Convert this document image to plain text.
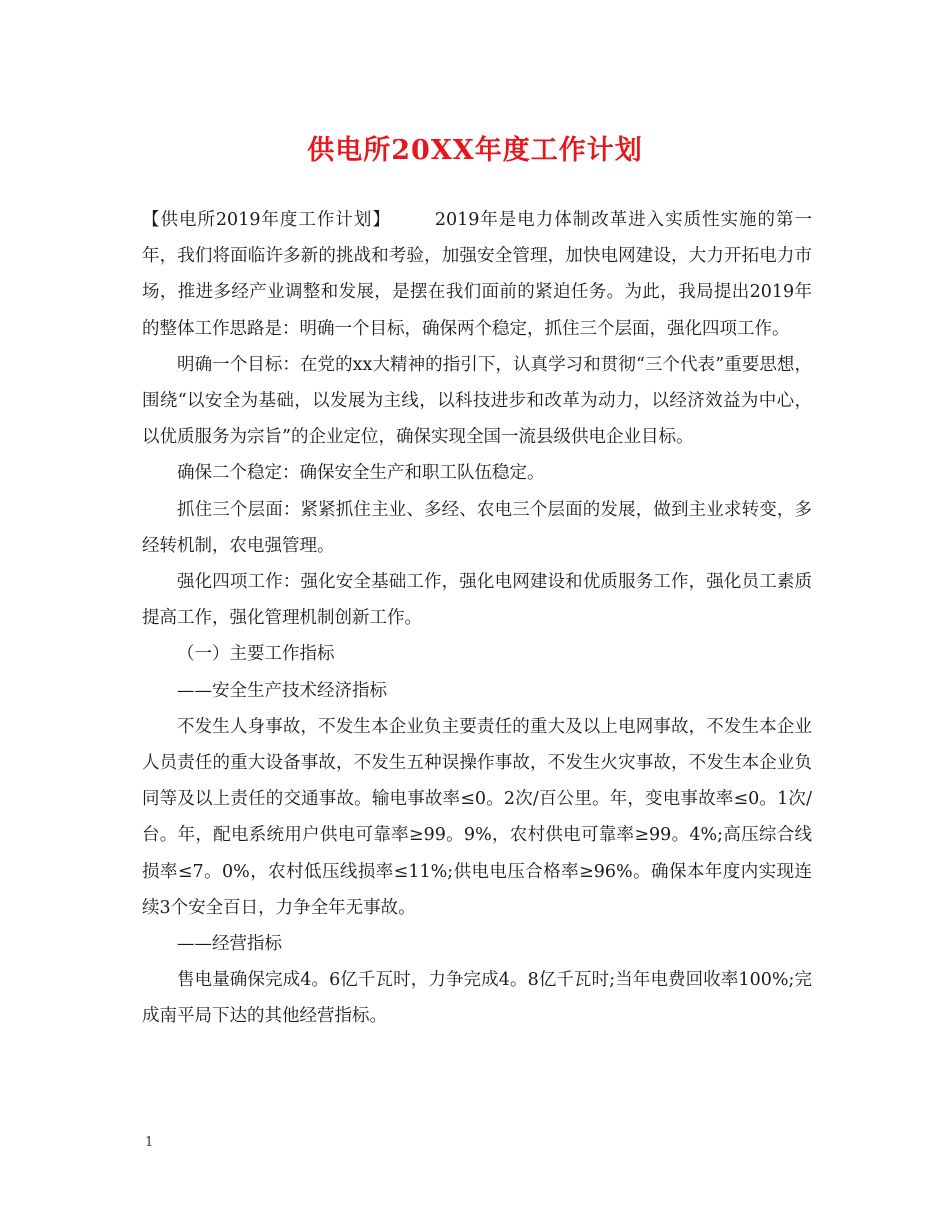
供电所20XX年度工作计划

【供电所2019年度工作计划】	2019年是电力体制改革进入实质性实施的第一年，我们将面临许多新的挑战和考验，加强安全管理，加快电网建设，大力开拓电力市场，推进多经产业调整和发展，是摆在我们面前的紧迫任务。为此，我局提出2019年的整体工作思路是：明确一个目标，确保两个稳定，抓住三个层面，强化四项工作。

明确一个目标：在党的xx大精神的指引下，认真学习和贯彻“三个代表”重要思想，围绕“以安全为基础，以发展为主线，以科技进步和改革为动力，以经济效益为中心，以优质服务为宗旨”的企业定位，确保实现全国一流县级供电企业目标。

确保二个稳定：确保安全生产和职工队伍稳定。

抓住三个层面：紧紧抓住主业、多经、农电三个层面的发展，做到主业求转变，多经转机制，农电强管理。

强化四项工作：强化安全基础工作，强化电网建设和优质服务工作，强化员工素质提高工作，强化管理机制创新工作。

（一）主要工作指标

——安全生产技术经济指标

不发生人身事故，不发生本企业负主要责任的重大及以上电网事故，不发生本企业人员责任的重大设备事故，不发生五种误操作事故，不发生火灾事故，不发生本企业负同等及以上责任的交通事故。输电事故率≤0。2次/百公里。年，变电事故率≤0。1次/台。年，配电系统用户供电可靠率≥99。9%，农村供电可靠率≥99。4%;高压综合线损率≤7。0%，农村低压线损率≤11%;供电电压合格率≥96%。确保本年度内实现连续3个安全百日，力争全年无事故。

——经营指标

售电量确保完成4。6亿千瓦时，力争完成4。8亿千瓦时;当年电费回收率100%;完成南平局下达的其他经营指标。

1
